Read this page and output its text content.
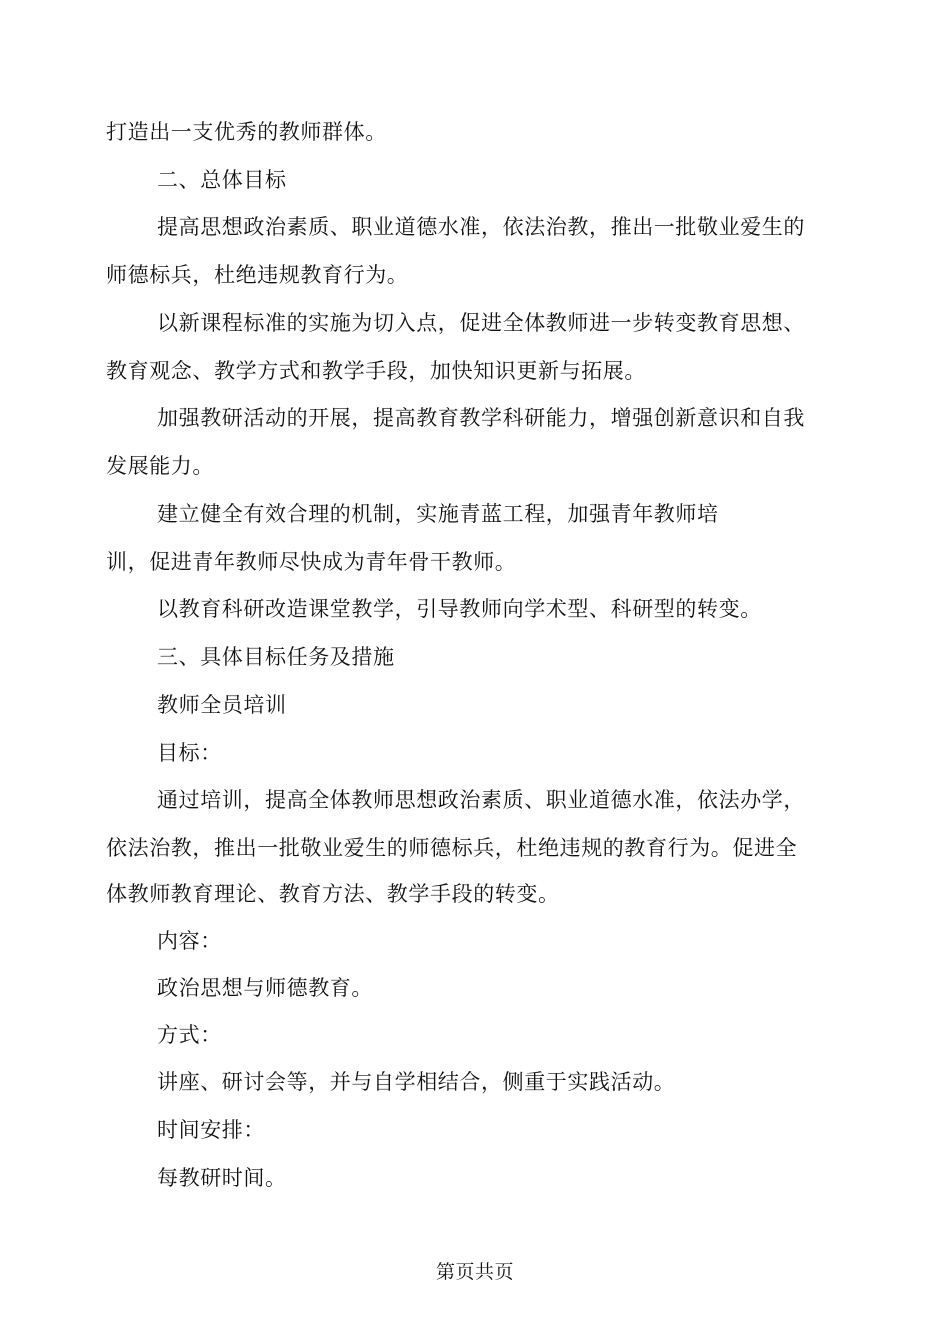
打造出一支优秀的教师群体。
二、总体目标
提高思想政治素质、职业道德水准，依法治教，推出一批敬业爱生的
师德标兵，杜绝违规教育行为。
以新课程标准的实施为切入点，促进全体教师进一步转变教育思想、
教育观念、教学方式和教学手段，加快知识更新与拓展。
加强教研活动的开展，提高教育教学科研能力，增强创新意识和自我
发展能力。
建立健全有效合理的机制，实施青蓝工程，加强青年教师培
训，促进青年教师尽快成为青年骨干教师。
以教育科研改造课堂教学，引导教师向学术型、科研型的转变。
三、具体目标任务及措施
教师全员培训
目标：
通过培训，提高全体教师思想政治素质、职业道德水准，依法办学，
依法治教，推出一批敬业爱生的师德标兵，杜绝违规的教育行为。促进全
体教师教育理论、教育方法、教学手段的转变。
内容：
政治思想与师德教育。
方式：
讲座、研讨会等，并与自学相结合，侧重于实践活动。
时间安排：
每教研时间。
第页共页
